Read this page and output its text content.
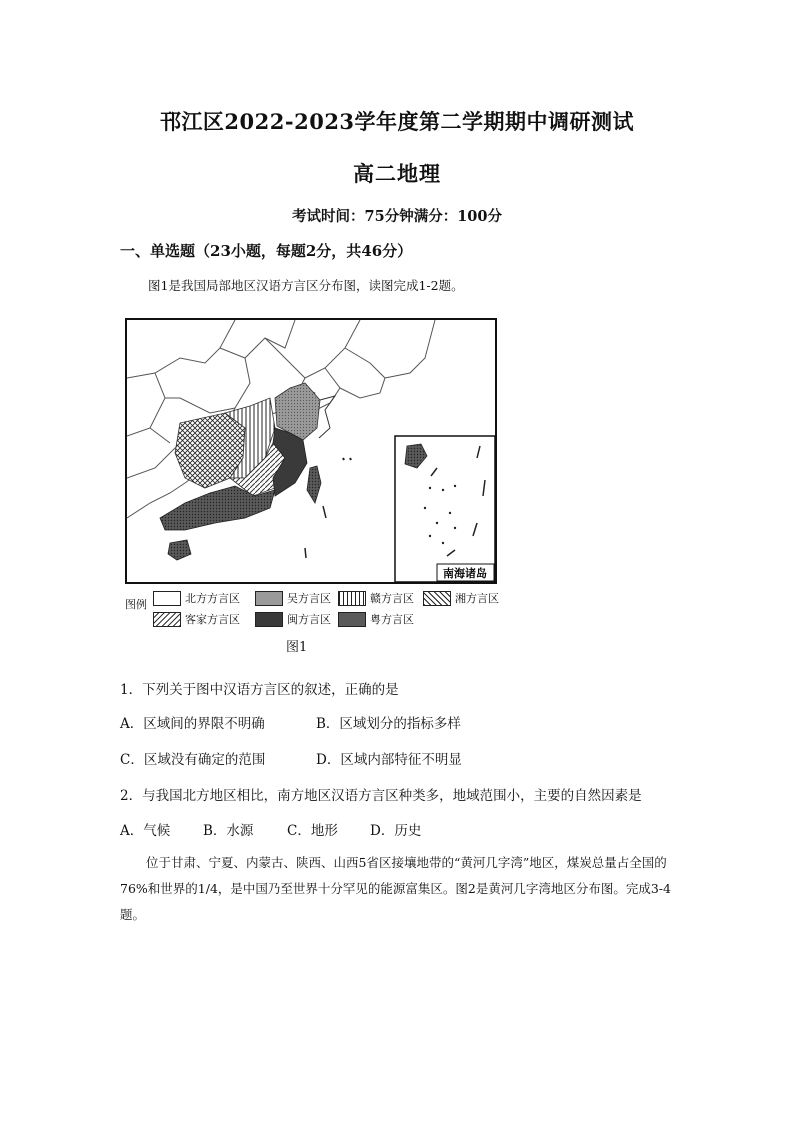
邗江区2022-2023学年度第二学期期中调研测试
高二地理
考试时间：75分钟满分：100分
一、单选题（23小题，每题2分，共46分）
图1是我国局部地区汉语方言区分布图，读图完成1-2题。
南海诸岛
图例	北方方言区	吴方言区	赣方言区	湘方言区
客家方言区	闽方言区	粤方言区
图1
1．下列关于图中汉语方言区的叙述，正确的是
A．区域间的界限不明确	B．区域划分的指标多样
C．区域没有确定的范围	D．区域内部特征不明显
2．与我国北方地区相比，南方地区汉语方言区种类多，地域范围小，主要的自然因素是
A．气候 B．水源 C．地形 D．历史
位于甘肃、宁夏、内蒙古、陕西、山西5省区接壤地带的“黄河几字湾”地区，煤炭总量占全国的76%和世界的1/4，是中国乃至世界十分罕见的能源富集区。图2是黄河几字湾地区分布图。完成3-4题。
